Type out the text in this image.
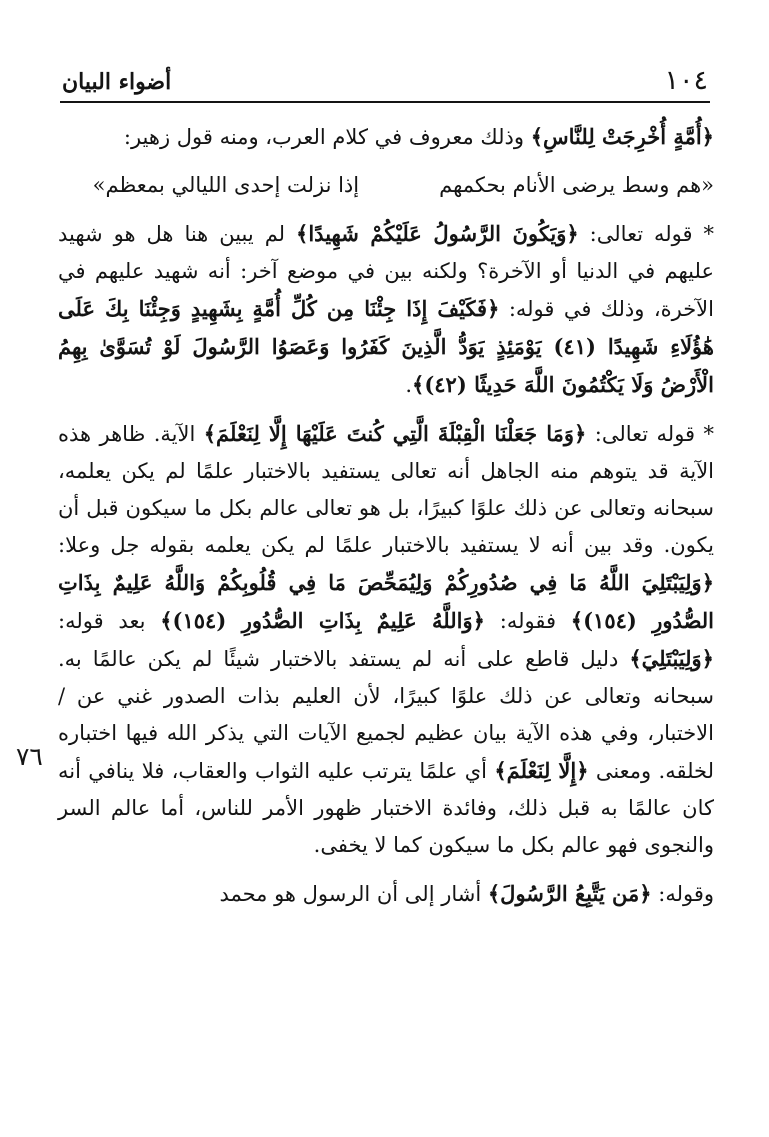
١٠٤
أضواء البيان
٧٦

﴿أُمَّةٍ أُخْرِجَتْ لِلنَّاسِ﴾ وذلك معروف في كلام العرب، ومنه قول زهير:

«هم وسط يرضى الأنام بحكمهمإذا نزلت إحدى الليالي بمعظم»

* قوله تعالى: ﴿وَيَكُونَ الرَّسُولُ عَلَيْكُمْ شَهِيدًا﴾ لم يبين هنا هل هو شهيد عليهم في الدنيا أو الآخرة؟ ولكنه بين في موضع آخر: أنه شهيد عليهم في الآخرة، وذلك في قوله: ﴿فَكَيْفَ إِذَا جِئْنَا مِن كُلِّ أُمَّةٍ بِشَهِيدٍ وَجِئْنَا بِكَ عَلَى هَٰؤُلَاءِ شَهِيدًا (٤١) يَوْمَئِذٍ يَوَدُّ الَّذِينَ كَفَرُوا وَعَصَوُا الرَّسُولَ لَوْ تُسَوَّىٰ بِهِمُ الْأَرْضُ وَلَا يَكْتُمُونَ اللَّهَ حَدِيثًا (٤٢)﴾.

* قوله تعالى: ﴿وَمَا جَعَلْنَا الْقِبْلَةَ الَّتِي كُنتَ عَلَيْهَا إِلَّا لِنَعْلَمَ﴾ الآية. ظاهر هذه الآية قد يتوهم منه الجاهل أنه تعالى يستفيد بالاختبار علمًا لم يكن يعلمه، سبحانه وتعالى عن ذلك علوًا كبيرًا، بل هو تعالى عالم بكل ما سيكون قبل أن يكون. وقد بين أنه لا يستفيد بالاختبار علمًا لم يكن يعلمه بقوله جل وعلا: ﴿وَلِيَبْتَلِيَ اللَّهُ مَا فِي صُدُورِكُمْ وَلِيُمَحِّصَ مَا فِي قُلُوبِكُمْ وَاللَّهُ عَلِيمٌ بِذَاتِ الصُّدُورِ (١٥٤)﴾ فقوله: ﴿وَاللَّهُ عَلِيمٌ بِذَاتِ الصُّدُورِ (١٥٤)﴾ بعد قوله: ﴿وَلِيَبْتَلِيَ﴾ دليل قاطع على أنه لم يستفد بالاختبار شيئًا لم يكن عالمًا به. سبحانه وتعالى عن ذلك علوًا كبيرًا، لأن العليم بذات الصدور غني عن / الاختبار، وفي هذه الآية بيان عظيم لجميع الآيات التي يذكر الله فيها اختباره لخلقه. ومعنى ﴿إِلَّا لِنَعْلَمَ﴾ أي علمًا يترتب عليه الثواب والعقاب، فلا ينافي أنه كان عالمًا به قبل ذلك، وفائدة الاختبار ظهور الأمر للناس، أما عالم السر والنجوى فهو عالم بكل ما سيكون كما لا يخفى.

وقوله: ﴿مَن يَتَّبِعُ الرَّسُولَ﴾ أشار إلى أن الرسول هو محمد
